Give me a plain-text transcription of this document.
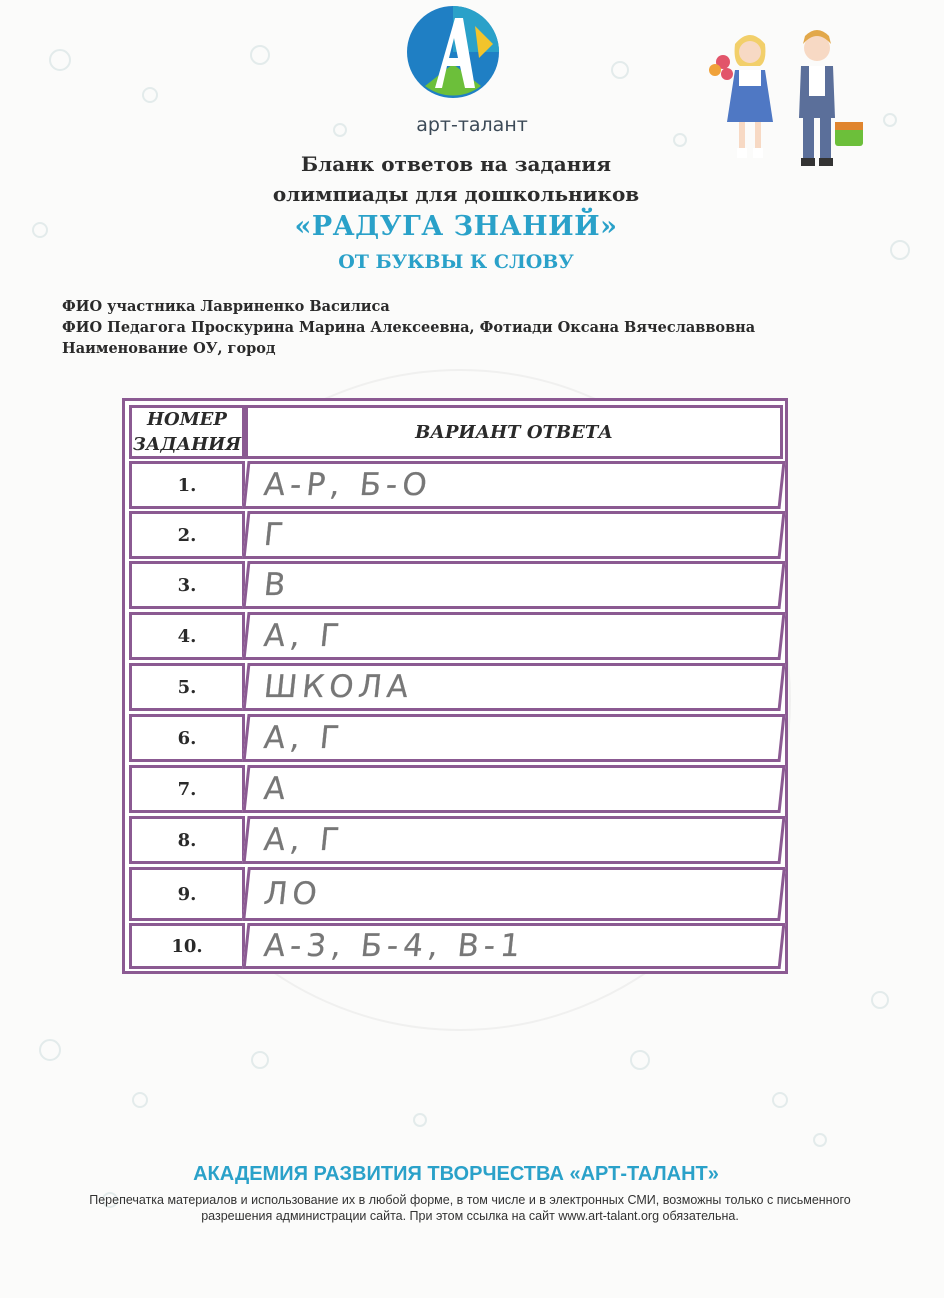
арт-талант
Бланк ответов на задания
олимпиады для дошкольников
«РАДУГА ЗНАНИЙ»
ОТ БУКВЫ К СЛОВУ
ФИО участника Лавриненко Василиса
ФИО Педагога Проскурина Марина Алексеевна, Фотиади Оксана Вячеславвовна
Наименование ОУ, город
НОМЕР
ЗАДАНИЯ
ВАРИАНТ ОТВЕТА
1.	А-Р, Б-О
2.	Г
3.	В
4.	А, Г
5.	ШКОЛА
6.	А, Г
7.	А
8.	А, Г
9.	ЛО
10.	А-3, Б-4, В-1
АКАДЕМИЯ РАЗВИТИЯ ТВОРЧЕСТВА «АРТ-ТАЛАНТ»
Перепечатка материалов и использование их в любой форме, в том числе и в электронных СМИ, возможны только с письменного разрешения администрации сайта. При этом ссылка на сайт www.art-talant.org обязательна.
